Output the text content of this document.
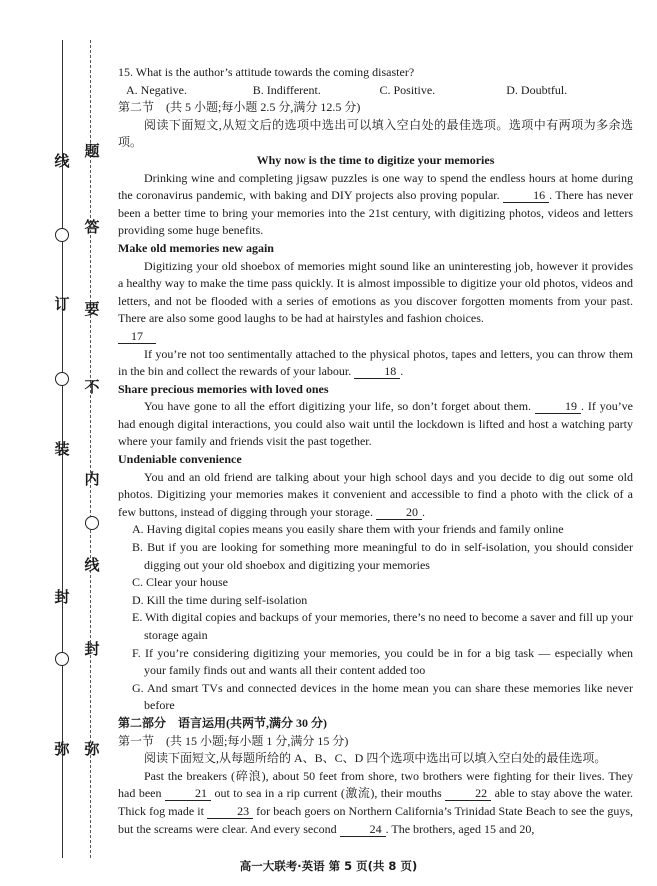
弥
封
装
订
线
弥
封
线
内
不
要
答
题

15. What is the author’s attitude towards the coming disaster?

A. Negative.	B. Indifferent.	C. Positive.	D. Doubtful.

第二节　(共 5 小题;每小题 2.5 分,满分 12.5 分)

阅读下面短文,从短文后的选项中选出可以填入空白处的最佳选项。选项中有两项为多余选项。

Why now is the time to digitize your memories

Drinking wine and completing jigsaw puzzles is one way to spend the endless hours at home during the coronavirus pandemic, with baking and DIY projects also proving popular.	16 . There has never been a better time to bring your memories into the 21st century, with digitizing photos, videos and letters providing some huge benefits.

Make old memories new again

Digitizing your old shoebox of memories might sound like an uninteresting job, however it provides a healthy way to make the time pass quickly. It is almost impossible to digitize your old photos, videos and letters, and not be flooded with a series of emotions as you discover forgotten moments from your past. There are also some good laughs to be had at hairstyles and fashion choices.

17

If you’re not too sentimentally attached to the physical photos, tapes and letters, you can throw them in the bin and collect the rewards of your labour.	18 .

Share precious memories with loved ones

You have gone to all the effort digitizing your life, so don’t forget about them.	19 . If you’ve had enough digital interactions, you could also wait until the lockdown is lifted and host a watching party where your family and friends visit the past together.

Undeniable convenience

You and an old friend are talking about your high school days and you decide to dig out some old photos. Digitizing your memories makes it convenient and accessible to find a photo with the click of a few buttons, instead of digging through your storage.	20 .

A. Having digital copies means you easily share them with your friends and family online

B. But if you are looking for something more meaningful to do in self-isolation, you should consider digging out your old shoebox and digitizing your memories

C. Clear your house

D. Kill the time during self-isolation

E. With digital copies and backups of your memories, there’s no need to become a saver and fill up your storage again

F. If you’re considering digitizing your memories, you could be in for a big task — especially when your family finds out and wants all their content added too

G. And smart TVs and connected devices in the home mean you can share these memories like never before

第二部分　语言运用(共两节,满分 30 分)

第一节　(共 15 小题;每小题 1 分,满分 15 分)

阅读下面短文,从每题所给的 A、B、C、D 四个选项中选出可以填入空白处的最佳选项。

Past the breakers (碎浪), about 50 feet from shore, two brothers were fighting for their lives. They had been	21 out to sea in a rip current (激流), their mouths	22 able to stay above the water. Thick fog made it	23 for beach goers on Northern California’s Trinidad State Beach to see the guys, but the screams were clear. And every second	24 . The brothers, aged 15 and 20,

高一大联考·英语 第 5 页(共 8 页)
